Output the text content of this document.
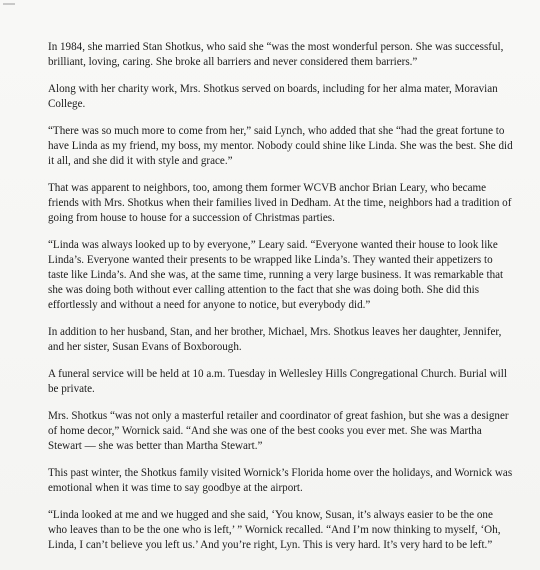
In 1984, she married Stan Shotkus, who said she “was the most wonderful person. She was successful, brilliant, loving, caring. She broke all barriers and never considered them barriers.”

Along with her charity work, Mrs. Shotkus served on boards, including for her alma mater, Moravian College.

“There was so much more to come from her,” said Lynch, who added that she “had the great fortune to have Linda as my friend, my boss, my mentor. Nobody could shine like Linda. She was the best. She did it all, and she did it with style and grace.”

That was apparent to neighbors, too, among them former WCVB anchor Brian Leary, who became friends with Mrs. Shotkus when their families lived in Dedham. At the time, neighbors had a tradition of going from house to house for a succession of Christmas parties.

“Linda was always looked up to by everyone,” Leary said. “Everyone wanted their house to look like Linda’s. Everyone wanted their presents to be wrapped like Linda’s. They wanted their appetizers to taste like Linda’s. And she was, at the same time, running a very large business. It was remarkable that she was doing both without ever calling attention to the fact that she was doing both. She did this effortlessly and without a need for anyone to notice, but everybody did.”

In addition to her husband, Stan, and her brother, Michael, Mrs. Shotkus leaves her daughter, Jennifer, and her sister, Susan Evans of Boxborough.

A funeral service will be held at 10 a.m. Tuesday in Wellesley Hills Congregational Church. Burial will be private.

Mrs. Shotkus “was not only a masterful retailer and coordinator of great fashion, but she was a designer of home decor,” Wornick said. “And she was one of the best cooks you ever met. She was Martha Stewart — she was better than Martha Stewart.”

This past winter, the Shotkus family visited Wornick’s Florida home over the holidays, and Wornick was emotional when it was time to say goodbye at the airport.

“Linda looked at me and we hugged and she said, ‘You know, Susan, it’s always easier to be the one who leaves than to be the one who is left,’ ” Wornick recalled. “And I’m now thinking to myself, ‘Oh, Linda, I can’t believe you left us.’ And you’re right, Lyn. This is very hard. It’s very hard to be left.”
